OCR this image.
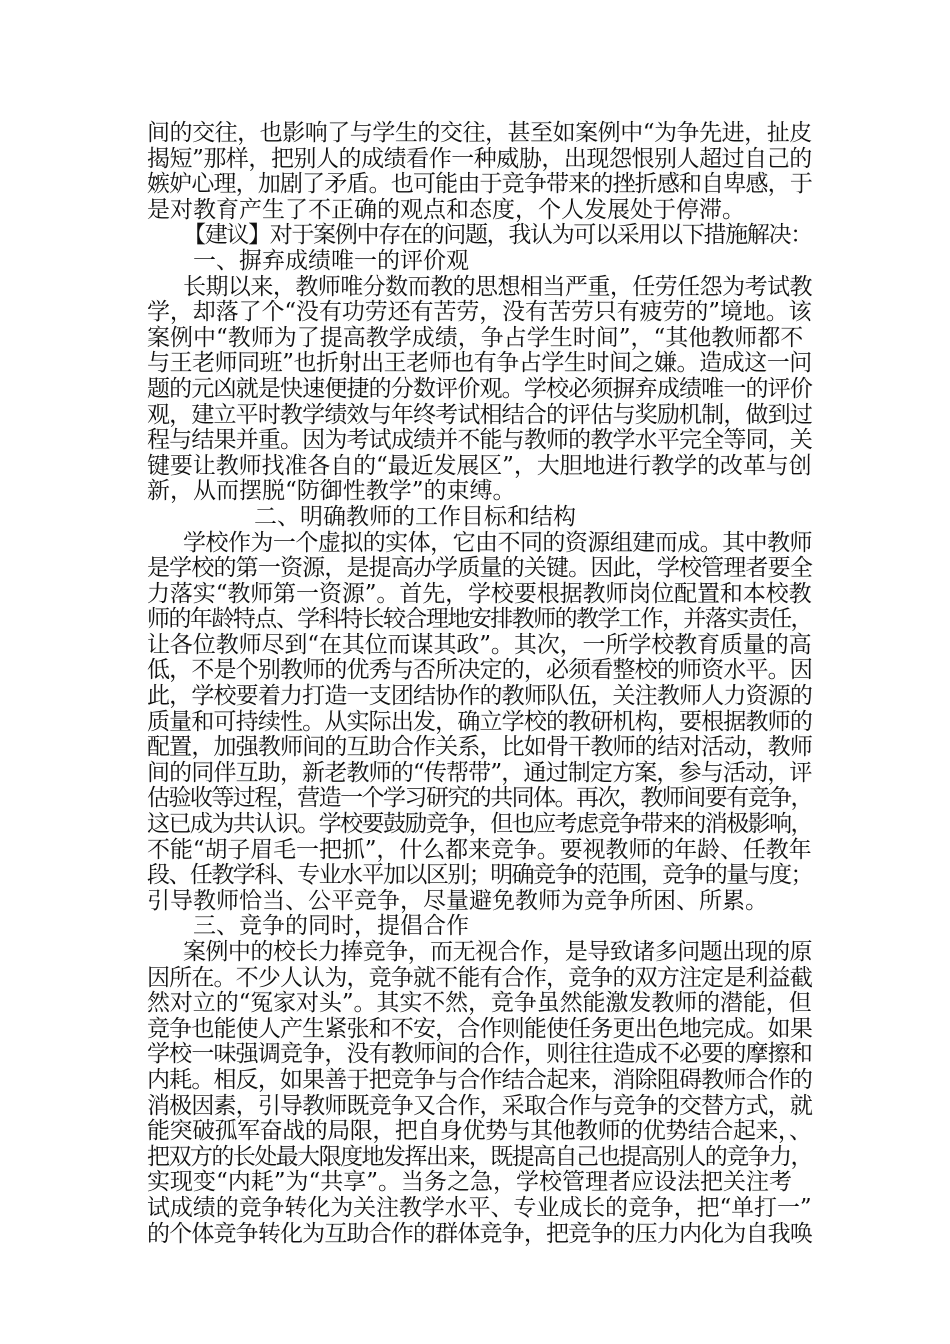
间的交往，也影响了与学生的交往，甚至如案例中“为争先进，扯皮
揭短”那样，把别人的成绩看作一种威胁，出现怨恨别人超过自己的
嫉妒心理，加剧了矛盾。也可能由于竞争带来的挫折感和自卑感，于
是对教育产生了不正确的观点和态度，个人发展处于停滞。
【建议】对于案例中存在的问题，我认为可以采用以下措施解决：
一、摒弃成绩唯一的评价观
长期以来，教师唯分数而教的思想相当严重，任劳任怨为考试教
学，却落了个“没有功劳还有苦劳，没有苦劳只有疲劳的”境地。该
案例中“教师为了提高教学成绩，争占学生时间”，“其他教师都不
与王老师同班”也折射出王老师也有争占学生时间之嫌。造成这一问
题的元凶就是快速便捷的分数评价观。学校必须摒弃成绩唯一的评价
观，建立平时教学绩效与年终考试相结合的评估与奖励机制，做到过
程与结果并重。因为考试成绩并不能与教师的教学水平完全等同，关
键要让教师找准各自的“最近发展区”，大胆地进行教学的改革与创
新，从而摆脱“防御性教学”的束缚。
二、明确教师的工作目标和结构
学校作为一个虚拟的实体，它由不同的资源组建而成。其中教师
是学校的第一资源，是提高办学质量的关键。因此，学校管理者要全
力落实“教师第一资源”。首先，学校要根据教师岗位配置和本校教
师的年龄特点、学科特长较合理地安排教师的教学工作，并落实责任，
让各位教师尽到“在其位而谋其政”。其次，一所学校教育质量的高
低，不是个别教师的优秀与否所决定的，必须看整校的师资水平。因
此，学校要着力打造一支团结协作的教师队伍，关注教师人力资源的
质量和可持续性。从实际出发，确立学校的教研机构，要根据教师的
配置，加强教师间的互助合作关系，比如骨干教师的结对活动，教师
间的同伴互助，新老教师的“传帮带”，通过制定方案，参与活动，评
估验收等过程，营造一个学习研究的共同体。再次，教师间要有竞争，
这已成为共认识。学校要鼓励竞争，但也应考虑竞争带来的消极影响，
不能“胡子眉毛一把抓”，什么都来竞争。要视教师的年龄、任教年
段、任教学科、专业水平加以区别；明确竞争的范围，竞争的量与度；
引导教师恰当、公平竞争，尽量避免教师为竞争所困、所累。
三、竞争的同时，提倡合作
案例中的校长力捧竞争，而无视合作，是导致诸多问题出现的原
因所在。不少人认为，竞争就不能有合作，竞争的双方注定是利益截
然对立的“冤家对头”。其实不然，竞争虽然能激发教师的潜能，但
竞争也能使人产生紧张和不安，合作则能使任务更出色地完成。如果
学校一味强调竞争，没有教师间的合作，则往往造成不必要的摩擦和
内耗。相反，如果善于把竞争与合作结合起来，消除阻碍教师合作的
消极因素，引导教师既竞争又合作，采取合作与竞争的交替方式，就
能突破孤军奋战的局限，把自身优势与其他教师的优势结合起来，、
把双方的长处最大限度地发挥出来，既提高自己也提高别人的竞争力，
实现变“内耗”为“共享”。当务之急，学校管理者应设法把关注考
试成绩的竞争转化为关注教学水平、专业成长的竞争，把“单打一”
的个体竞争转化为互助合作的群体竞争，把竞争的压力内化为自我唤
